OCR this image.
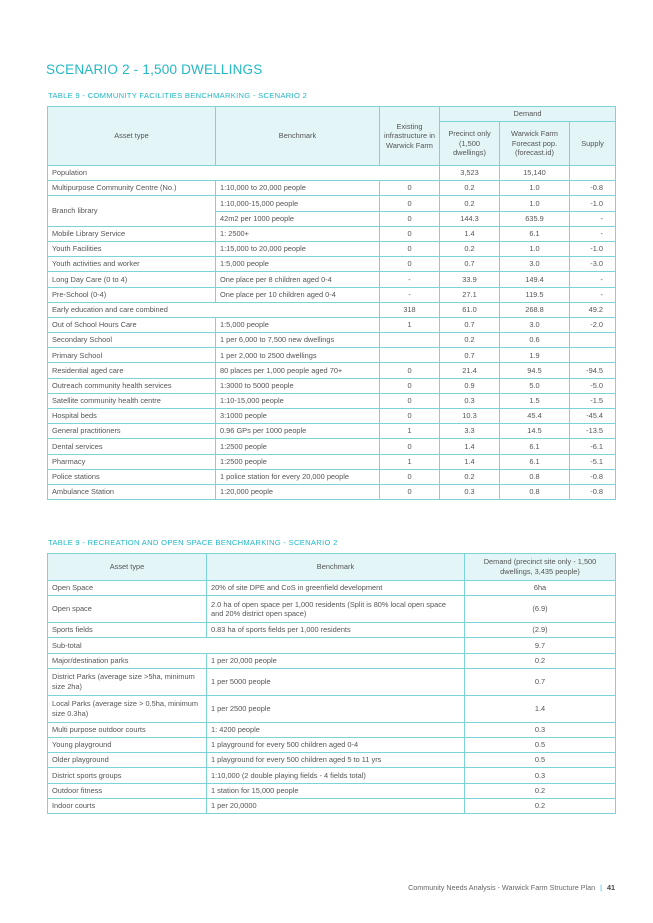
SCENARIO 2 - 1,500 DWELLINGS

TABLE 9 - COMMUNITY FACILITIES BENCHMARKING - SCENARIO 2

Asset type	Benchmark	Existing infrastructure in Warwick Farm	Demand		
			Precinct only (1,500 dwellings)	Warwick Farm Forecast pop. (forecast.id)	Supply
Population			3,523	15,140	
Multipurpose Community Centre (No.)	1:10,000 to 20,000 people	0	0.2	1.0	-0.8
Branch library	1:10,000-15,000 people	0	0.2	1.0	-1.0
	42m2 per 1000 people	0	144.3	635.9	-
Mobile Library Service	1: 2500+	0	1.4	6.1	-
Youth Facilities	1:15,000 to 20,000 people	0	0.2	1.0	-1.0
Youth activities and worker	1:5,000 people	0	0.7	3.0	-3.0
Long Day Care (0 to 4)	One place per 8 children aged 0-4	-	33.9	149.4	-
Pre-School (0-4)	One place per 10 children aged 0-4	-	27.1	119.5	-
Early education and care combined		318	61.0	268.8	49.2
Out of School Hours Care	1:5,000 people	1	0.7	3.0	-2.0
Secondary School	1 per 6,000 to 7,500 new dwellings		0.2	0.6	
Primary School	1 per 2,000 to 2500 dwellings		0.7	1.9	
Residential aged care	80 places per 1,000 people aged 70+	0	21.4	94.5	-94.5
Outreach community health services	1:3000 to 5000 people	0	0.9	5.0	-5.0
Satellite community health centre	1:10-15,000 people	0	0.3	1.5	-1.5
Hospital beds	3:1000 people	0	10.3	45.4	-45.4
General practitioners	0.96 GPs per 1000 people	1	3.3	14.5	-13.5
Dental services	1:2500 people	0	1.4	6.1	-6.1
Pharmacy	1:2500 people	1	1.4	6.1	-5.1
Police stations	1 police station for every 20,000 people	0	0.2	0.8	-0.8
Ambulance Station	1:20,000 people	0	0.3	0.8	-0.8

TABLE 9 - RECREATION AND OPEN SPACE BENCHMARKING - SCENARIO 2

Asset type	Benchmark	Demand (precinct site only - 1,500 dwellings, 3,435 people)
Open Space	20% of site DPE and CoS in greenfield development	6ha
Open space	2.0 ha of open space per 1,000 residents (Split is 80% local open space and 20% district open space)	(6.9)
Sports fields	0.83 ha of sports fields per 1,000 residents	(2.9)
Sub-total		9.7
Major/destination parks	1 per 20,000 people	0.2
District Parks (average size >5ha, minimum size 2ha)	1 per 5000 people	0.7
Local Parks (average size > 0.5ha, minimum size 0.3ha)	1 per 2500 people	1.4
Multi purpose outdoor courts	1: 4200 people	0.3
Young playground	1 playground for every 500 children aged 0-4	0.5
Older playground	1 playground for every 500 children aged 5 to 11 yrs	0.5
District sports groups	1:10,000 (2 double playing fields - 4 fields total)	0.3
Outdoor fitness	1 station for 15,000 people	0.2
Indoor courts	1 per 20,0000	0.2
Community Needs Analysis - Warwick Farm Structure Plan | 41
